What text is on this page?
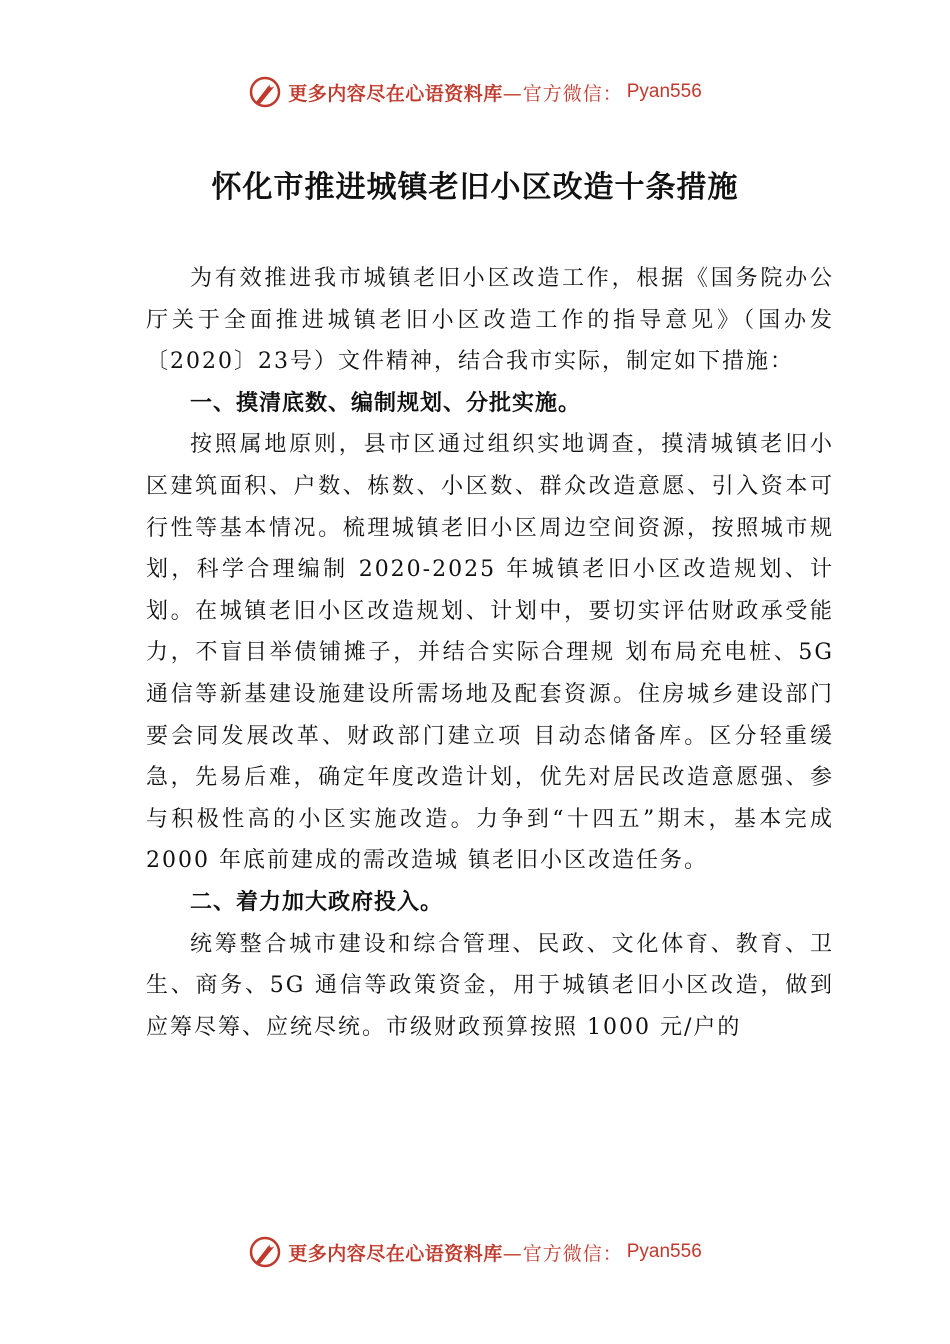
更多内容尽在心语资料库 —官方微信： Pyan556
怀化市推进城镇老旧小区改造十条措施

为有效推进我市城镇老旧小区改造工作，根据《国务院办公厅关于全面推进城镇老旧小区改造工作的指导意见》（国办发〔2020〕23号）文件精神，结合我市实际，制定如下措施：

一、摸清底数、编制规划、分批实施。

按照属地原则，县市区通过组织实地调查，摸清城镇老旧小区建筑面积、户数、栋数、小区数、群众改造意愿、引入资本可行性等基本情况。梳理城镇老旧小区周边空间资源，按照城市规划，科学合理编制 2020-2025 年城镇老旧小区改造规划、计划。在城镇老旧小区改造规划、计划中，要切实评估财政承受能力，不盲目举债铺摊子，并结合实际合理规 划布局充电桩、5G 通信等新基建设施建设所需场地及配套资源。住房城乡建设部门要会同发展改革、财政部门建立项 目动态储备库。区分轻重缓急，先易后难，确定年度改造计划，优先对居民改造意愿强、参与积极性高的小区实施改造。力争到“十四五”期末，基本完成 2000 年底前建成的需改造城 镇老旧小区改造任务。

二、着力加大政府投入。

统筹整合城市建设和综合管理、民政、文化体育、教育、卫生、商务、5G 通信等政策资金，用于城镇老旧小区改造，做到应筹尽筹、应统尽统。市级财政预算按照 1000 元/户的

更多内容尽在心语资料库 —官方微信： Pyan556
